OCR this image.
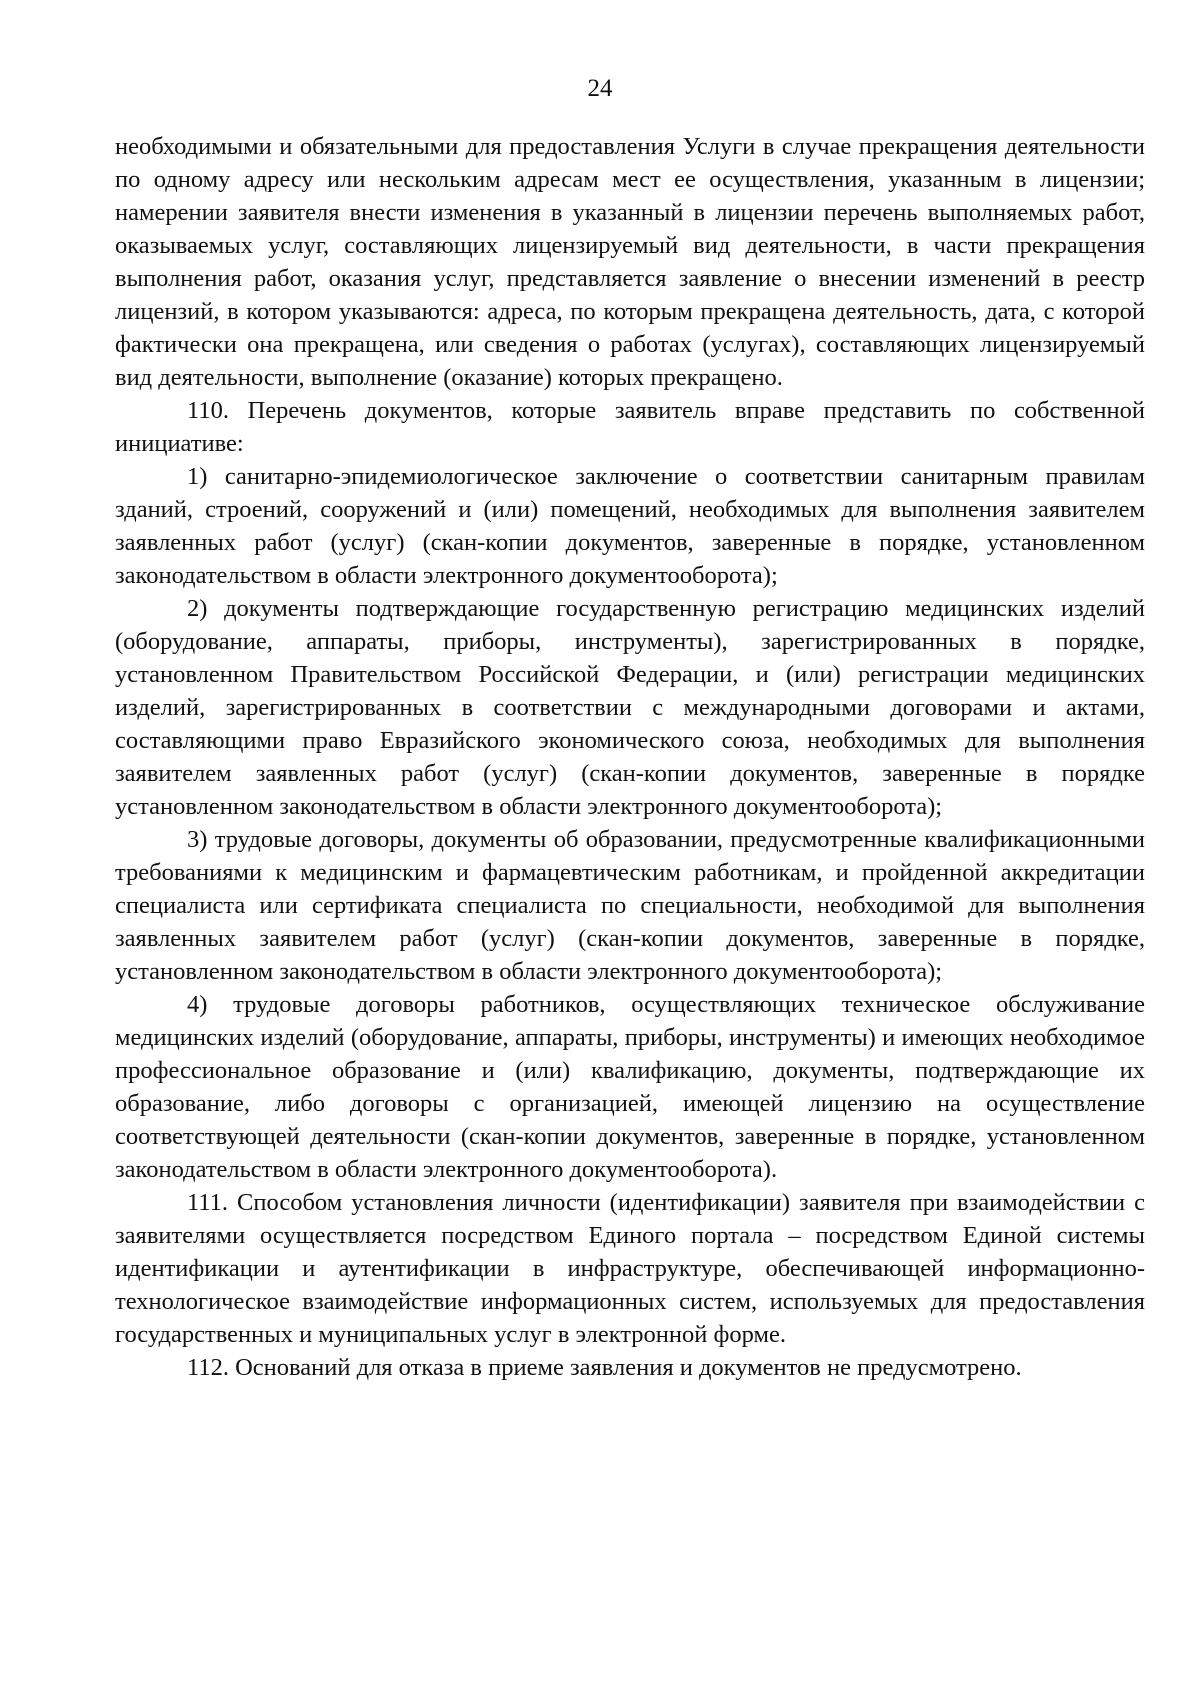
24

необходимыми и обязательными для предоставления Услуги в случае прекращения деятельности по одному адресу или нескольким адресам мест ее осуществления, указанным в лицензии; намерении заявителя внести изменения в указанный в лицензии перечень выполняемых работ, оказываемых услуг, составляющих лицензируемый вид деятельности, в части прекращения выполнения работ, оказания услуг, представляется заявление о внесении изменений в реестр лицензий, в котором указываются: адреса, по которым прекращена деятельность, дата, с которой фактически она прекращена, или сведения о работах (услугах), составляющих лицензируемый вид деятельности, выполнение (оказание) которых прекращено.

110. Перечень документов, которые заявитель вправе представить по собственной инициативе:

1) санитарно-эпидемиологическое заключение о соответствии санитарным правилам зданий, строений, сооружений и (или) помещений, необходимых для выполнения заявителем заявленных работ (услуг) (скан-копии документов, заверенные в порядке, установленном законодательством в области электронного документооборота);

2) документы подтверждающие государственную регистрацию медицинских изделий (оборудование, аппараты, приборы, инструменты), зарегистрированных в порядке, установленном Правительством Российской Федерации, и (или) регистрации медицинских изделий, зарегистрированных в соответствии с международными договорами и актами, составляющими право Евразийского экономического союза, необходимых для выполнения заявителем заявленных работ (услуг) (скан-копии документов, заверенные в порядке установленном законодательством в области электронного документооборота);

3) трудовые договоры, документы об образовании, предусмотренные квалификационными требованиями к медицинским и фармацевтическим работникам, и пройденной аккредитации специалиста или сертификата специалиста по специальности, необходимой для выполнения заявленных заявителем работ (услуг) (скан-копии документов, заверенные в порядке, установленном законодательством в области электронного документооборота);

4) трудовые договоры работников, осуществляющих техническое обслуживание медицинских изделий (оборудование, аппараты, приборы, инструменты) и имеющих необходимое профессиональное образование и (или) квалификацию, документы, подтверждающие их образование, либо договоры с организацией, имеющей лицензию на осуществление соответствующей деятельности (скан-копии документов, заверенные в порядке, установленном законодательством в области электронного документооборота).

111. Способом установления личности (идентификации) заявителя при взаимодействии с заявителями осуществляется посредством Единого портала – посредством Единой системы идентификации и аутентификации в инфраструктуре, обеспечивающей информационно-технологическое взаимодействие информационных систем, используемых для предоставления государственных и муниципальных услуг в электронной форме.

112. Оснований для отказа в приеме заявления и документов не предусмотрено.
